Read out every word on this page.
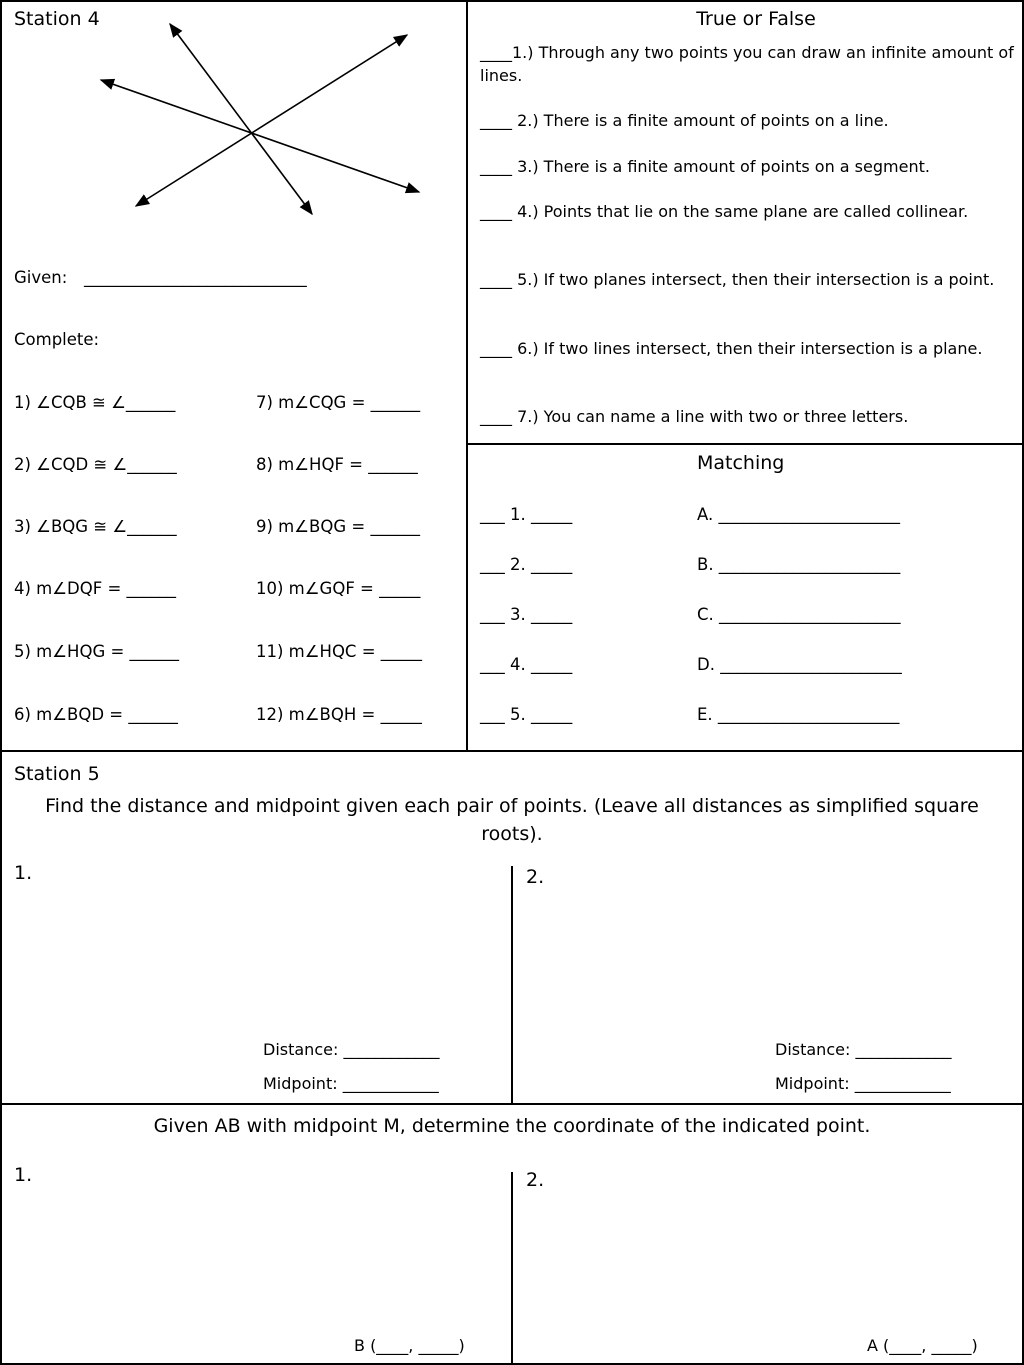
Station 4
Given: ___________________________
Complete:
1) ∠CQB ≅ ∠______
2) ∠CQD ≅ ∠______
3) ∠BQG ≅ ∠______
4) m∠DQF = ______
5) m∠HQG = ______
6) m∠BQD = ______
7) m∠CQG = ______
8) m∠HQF = ______
9) m∠BQG = ______
10) m∠GQF = _____
11) m∠HQC = _____
12) m∠BQH = _____
True or False
____1.) Through any two points you can draw an infinite amount of lines.
____ 2.) There is a finite amount of points on a line.
____ 3.) There is a finite amount of points on a segment.
____ 4.) Points that lie on the same plane are called collinear.
____ 5.) If two planes intersect, then their intersection is a point.
____ 6.) If two lines intersect, then their intersection is a plane.
____ 7.) You can name a line with two or three letters.
Matching
___ 1. _____
___ 2. _____
___ 3. _____
___ 4. _____
___ 5. _____
A. ______________________
B. ______________________
C. ______________________
D. ______________________
E. ______________________
Station 5
Find the distance and midpoint given each pair of points. (Leave all distances as simplified square roots).
1.
Distance: ____________
Midpoint: ____________
2.
Distance: ____________
Midpoint: ____________
Given AB with midpoint M, determine the coordinate of the indicated point.
1.
B (____, _____)
2.
A (____, _____)
